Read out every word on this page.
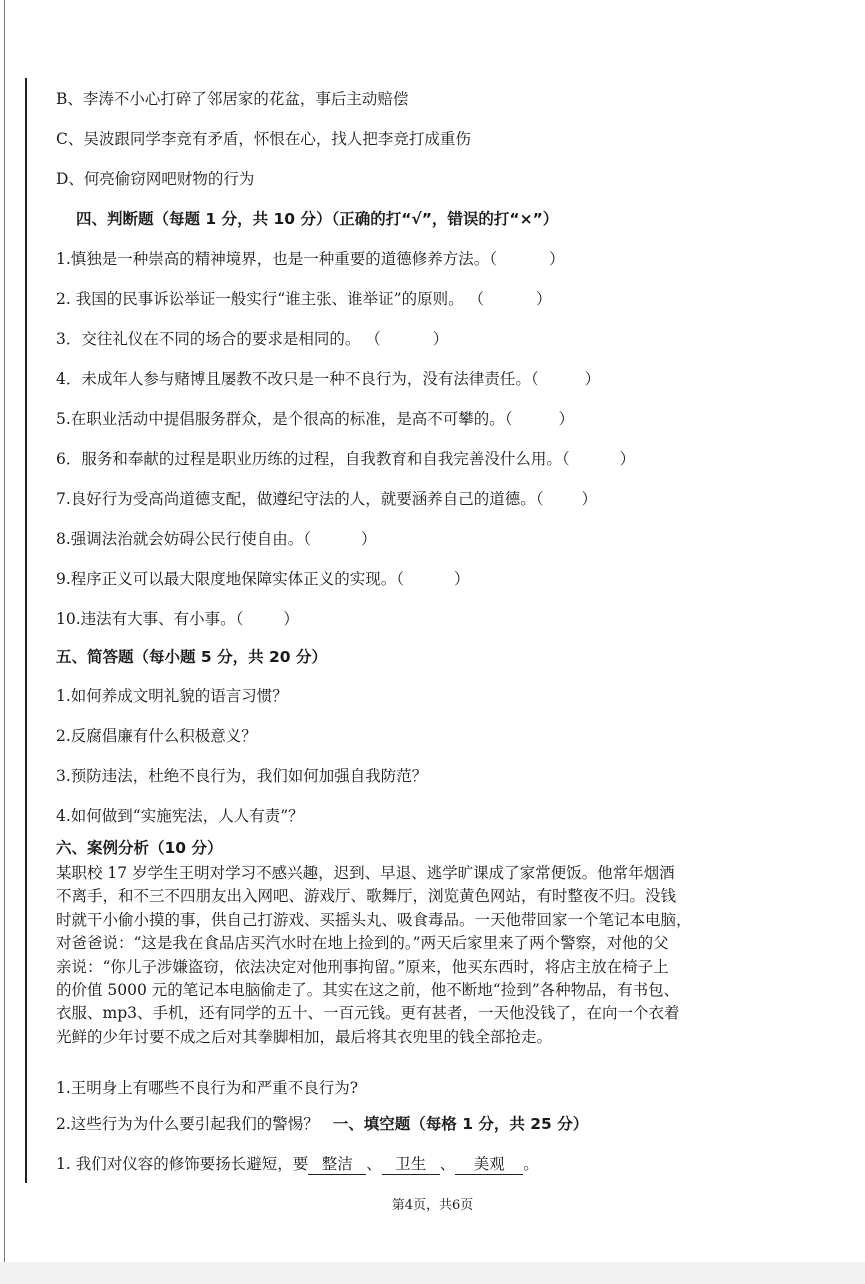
B、李涛不小心打碎了邻居家的花盆，事后主动赔偿
C、吴波跟同学李竞有矛盾，怀恨在心，找人把李竞打成重伤
D、何亮偷窃网吧财物的行为
四、判断题（每题 1 分，共 10 分）（正确的打“√”，错误的打“×”）
1.慎独是一种崇高的精神境界，也是一种重要的道德修养方法。（	）
2. 我国的民事诉讼举证一般实行“谁主张、谁举证”的原则。 （	）
3．交往礼仪在不同的场合的要求是相同的。 （	）
4．未成年人参与赌博且屡教不改只是一种不良行为，没有法律责任。（	）
5.在职业活动中提倡服务群众，是个很高的标准，是高不可攀的。（	）
6．服务和奉献的过程是职业历练的过程，自我教育和自我完善没什么用。（	）
7.良好行为受高尚道德支配，做遵纪守法的人，就要涵养自己的道德。（ ）
8.强调法治就会妨碍公民行使自由。（	）
9.程序正义可以最大限度地保障实体正义的实现。（	）
10.违法有大事、有小事。（	）
五、简答题（每小题 5 分，共 20 分）
1.如何养成文明礼貌的语言习惯？
2.反腐倡廉有什么积极意义？
3.预防违法，杜绝不良行为，我们如何加强自我防范？
4.如何做到“实施宪法，人人有责”？
六、案例分析（10 分）
某职校 17 岁学生王明对学习不感兴趣，迟到、早退、逃学旷课成了家常便饭。他常年烟酒
不离手，和不三不四朋友出入网吧、游戏厅、歌舞厅，浏览黄色网站，有时整夜不归。没钱
时就干小偷小摸的事，供自己打游戏、买摇头丸、吸食毒品。一天他带回家一个笔记本电脑，
对爸爸说：“这是我在食品店买汽水时在地上捡到的。”两天后家里来了两个警察，对他的父
亲说：“你儿子涉嫌盗窃，依法决定对他刑事拘留。”原来，他买东西时，将店主放在椅子上
的价值 5000 元的笔记本电脑偷走了。其实在这之前，他不断地“捡到”各种物品，有书包、
衣服、mp3、手机，还有同学的五十、一百元钱。更有甚者，一天他没钱了，在向一个衣着
光鲜的少年讨要不成之后对其拳脚相加，最后将其衣兜里的钱全部抢走。
1.王明身上有哪些不良行为和严重不良行为?
2.这些行为为什么要引起我们的警惕？ 一、填空题（每格 1 分，共 25 分）
1. 我们对仪容的修饰要扬长避短，要 整洁 、 卫生 、 美观 。
第4页，共6页
